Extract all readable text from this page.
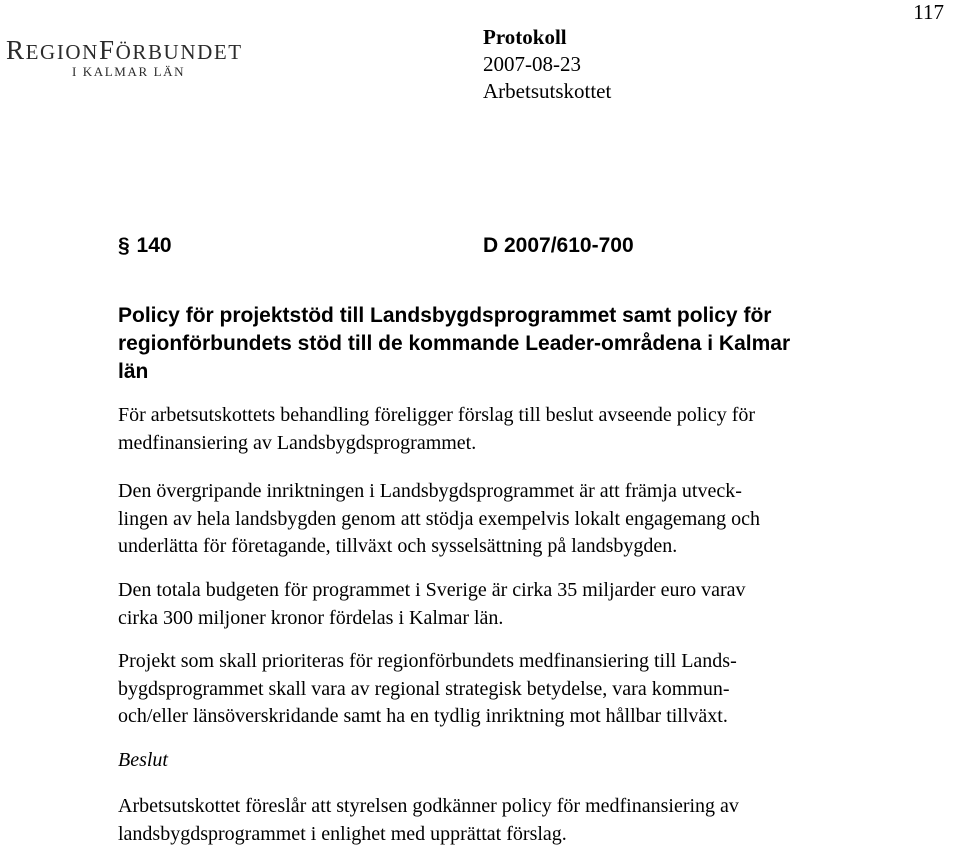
117
REGIONFÖRBUNDET
I KALMAR LÄN
Protokoll
2007-08-23
Arbetsutskottet
§ 140	D 2007/610-700
Policy för projektstöd till Landsbygdsprogrammet samt policy för
regionförbundets stöd till de kommande Leader-områdena i Kalmar
län
För arbetsutskottets behandling föreligger förslag till beslut avseende policy för
medfinansiering av Landsbygdsprogrammet.
Den övergripande inriktningen i Landsbygdsprogrammet är att främja utveck-
lingen av hela landsbygden genom att stödja exempelvis lokalt engagemang och
underlätta för företagande, tillväxt och sysselsättning på landsbygden.
Den totala budgeten för programmet i Sverige är cirka 35 miljarder euro varav
cirka 300 miljoner kronor fördelas i Kalmar län.
Projekt som skall prioriteras för regionförbundets medfinansiering till Lands-
bygdsprogrammet skall vara av regional strategisk betydelse, vara kommun-
och/eller länsöverskridande samt ha en tydlig inriktning mot hållbar tillväxt.
Beslut
Arbetsutskottet föreslår att styrelsen godkänner policy för medfinansiering av
landsbygdsprogrammet i enlighet med upprättat förslag.
